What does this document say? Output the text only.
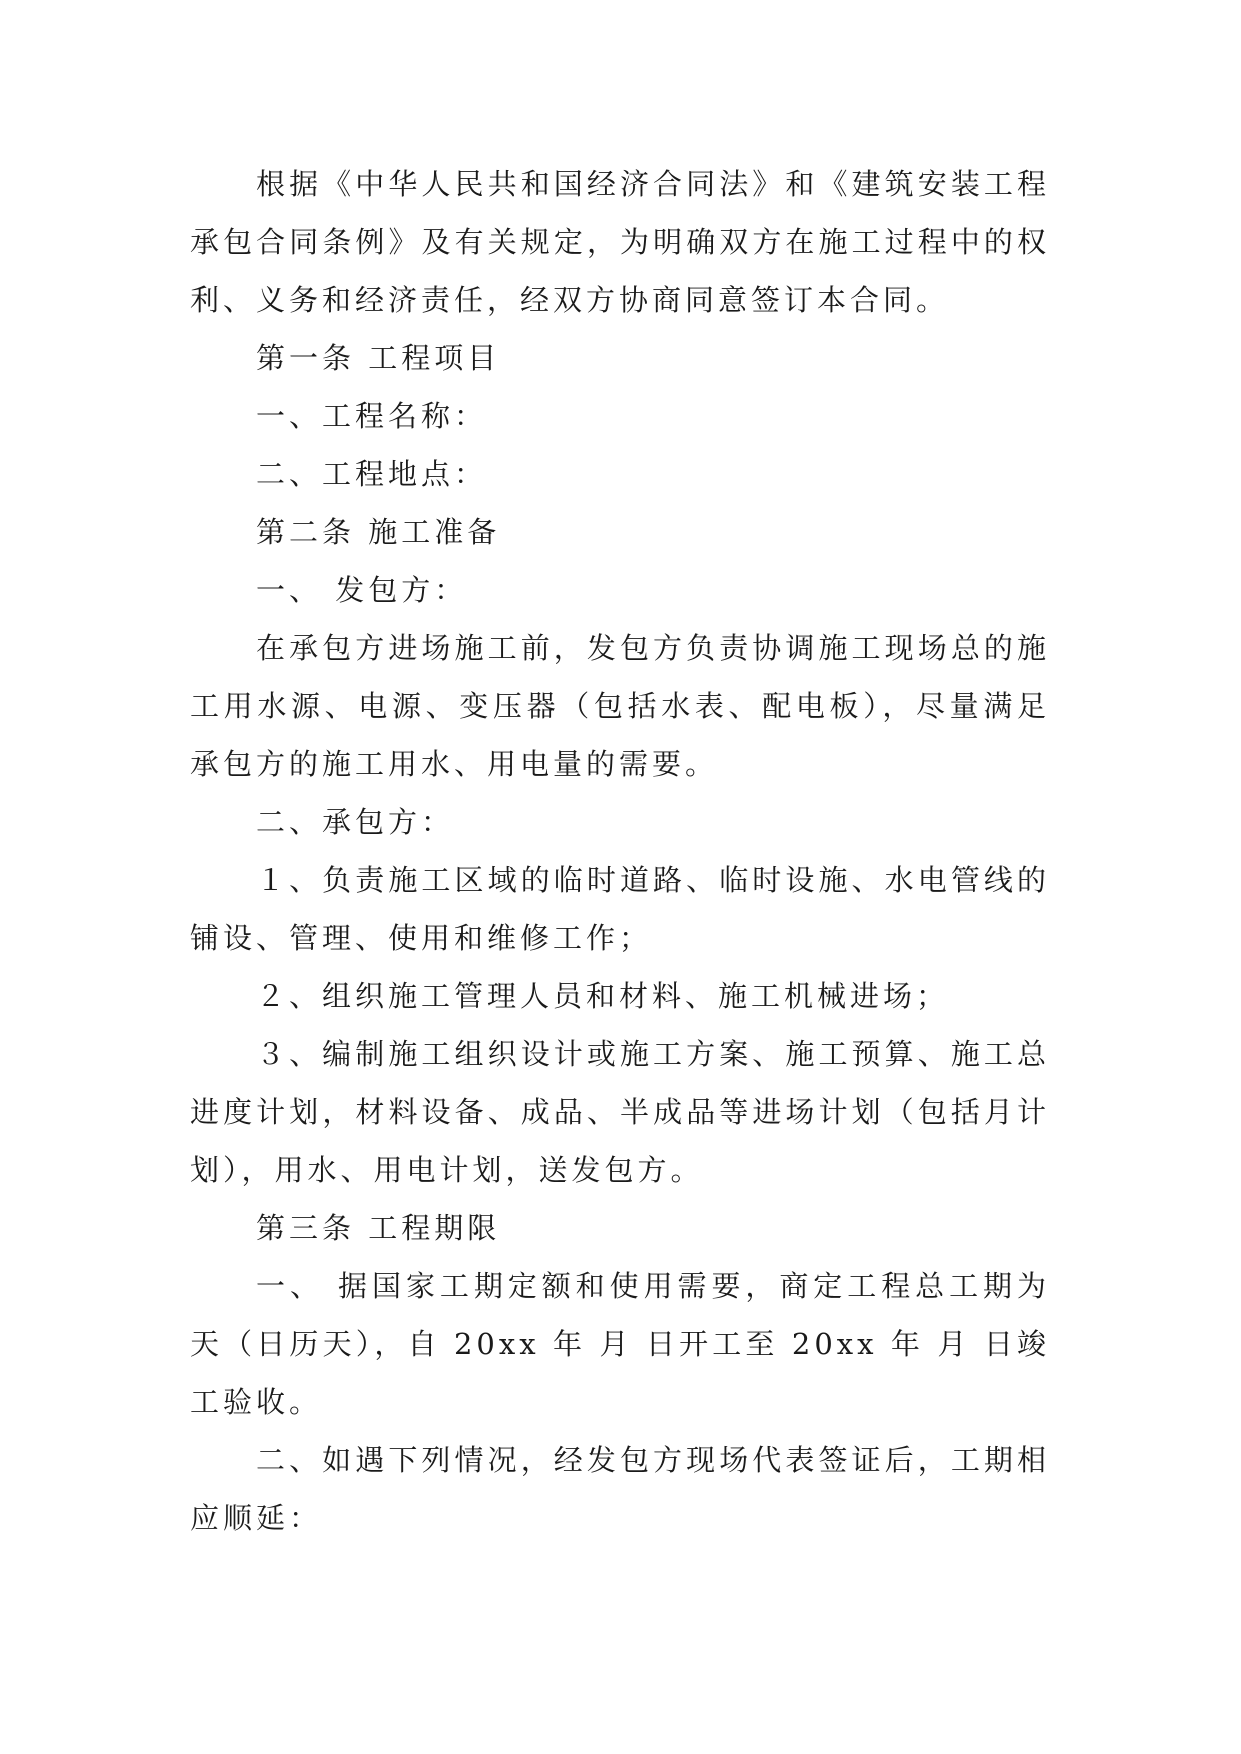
根据《中华人民共和国经济合同法》和《建筑安装工程承包合同条例》及有关规定，为明确双方在施工过程中的权利、义务和经济责任，经双方协商同意签订本合同。

第一条 工程项目

一、工程名称：

二、工程地点：

第二条 施工准备

一、 发包方：

在承包方进场施工前，发包方负责协调施工现场总的施工用水源、电源、变压器（包括水表、配电板），尽量满足承包方的施工用水、用电量的需要。

二、承包方：

１、负责施工区域的临时道路、临时设施、水电管线的铺设、管理、使用和维修工作；

２、组织施工管理人员和材料、施工机械进场；

３、编制施工组织设计或施工方案、施工预算、施工总进度计划，材料设备、成品、半成品等进场计划（包括月计划），用水、用电计划，送发包方。

第三条 工程期限

一、 据国家工期定额和使用需要，商定工程总工期为 天（日历天），自 20xx 年 月 日开工至 20xx 年 月 日竣工验收。

二、如遇下列情况，经发包方现场代表签证后，工期相应顺延：
